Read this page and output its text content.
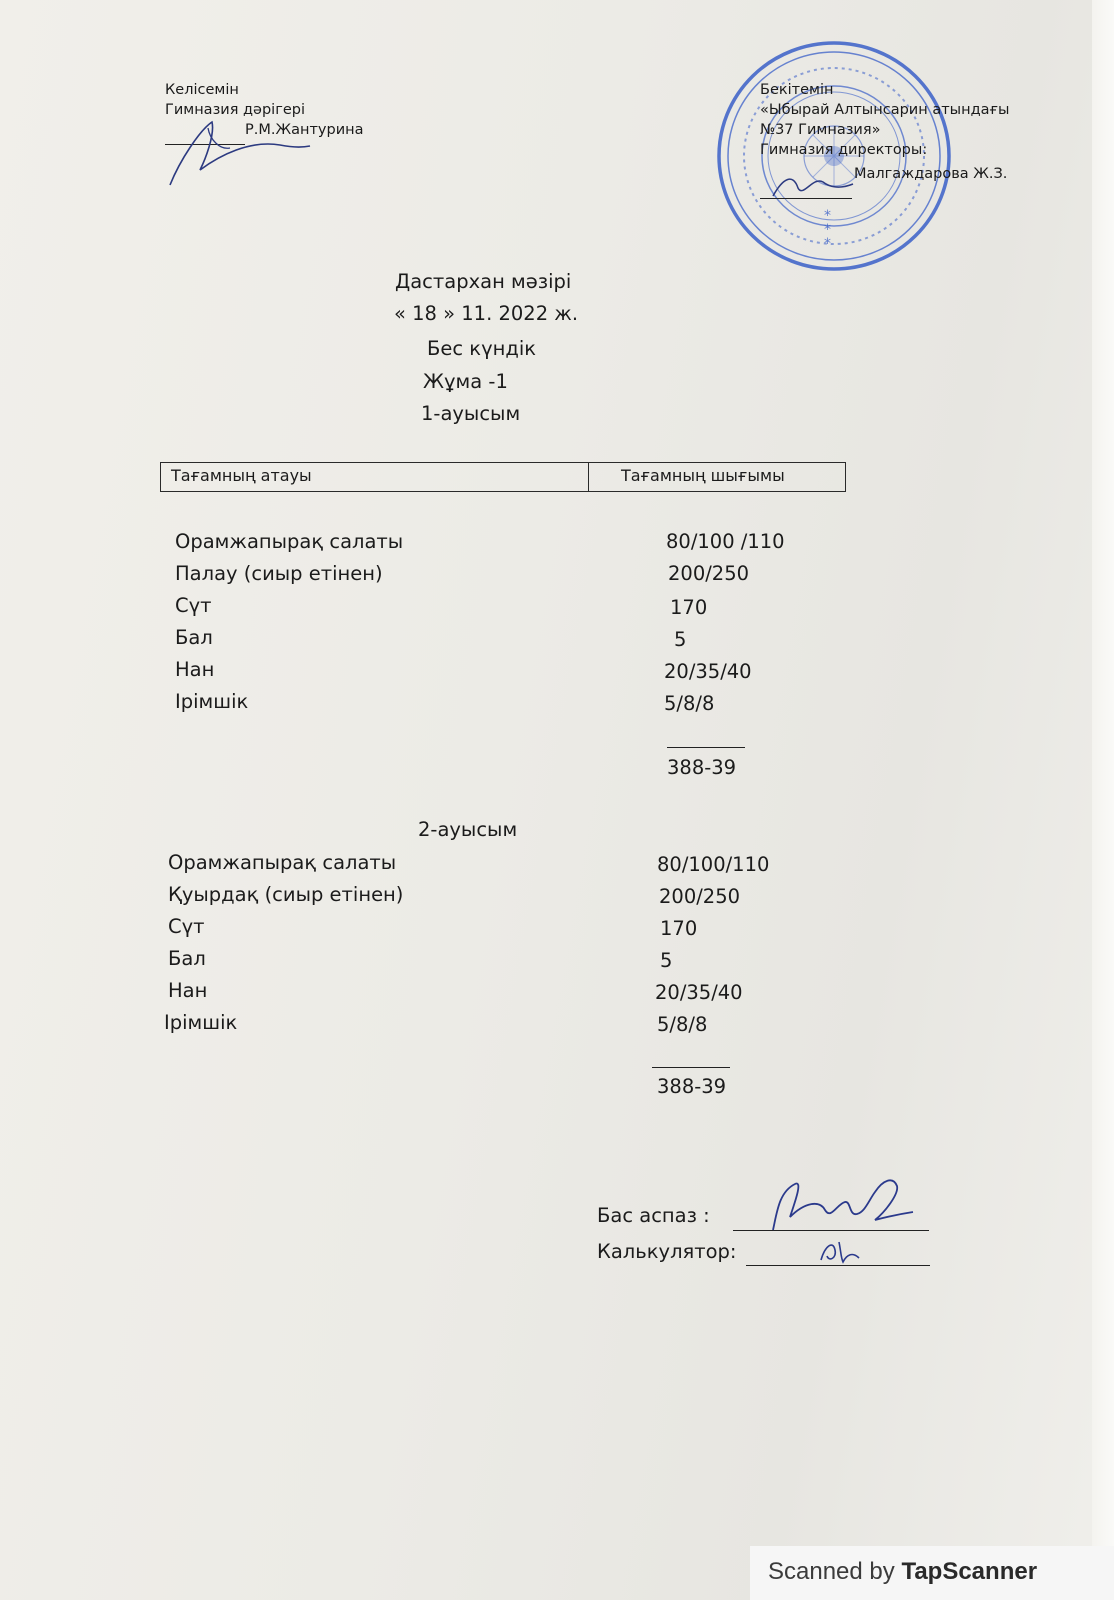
Келісемін
Гимназия дәрігері
Р.М.Жантурина
*
*
*
Бекітемін
«Ыбырай Алтынсарин атындағы
№37 Гимназия»
Гимназия директоры:
Малгаждарова Ж.З.
Дастархан мәзірі
« 18 » 11. 2022 ж.
Бес күндік
Жұма -1
1-ауысым
Тағамның атауы	Тағамның шығымы
Орамжапырақ салаты	80/100 /110
Палау (сиыр етінен)	200/250
Сүт	170
Бал	5
Нан	20/35/40
Ірімшік	5/8/8
388-39
2-ауысым
Орамжапырақ салаты	80/100/110
Қуырдақ (сиыр етінен)	200/250
Сүт	170
Бал	5
Нан	20/35/40
Ірімшік	5/8/8
388-39
Бас аспаз :
Калькулятор:
Scanned by TapScanner
